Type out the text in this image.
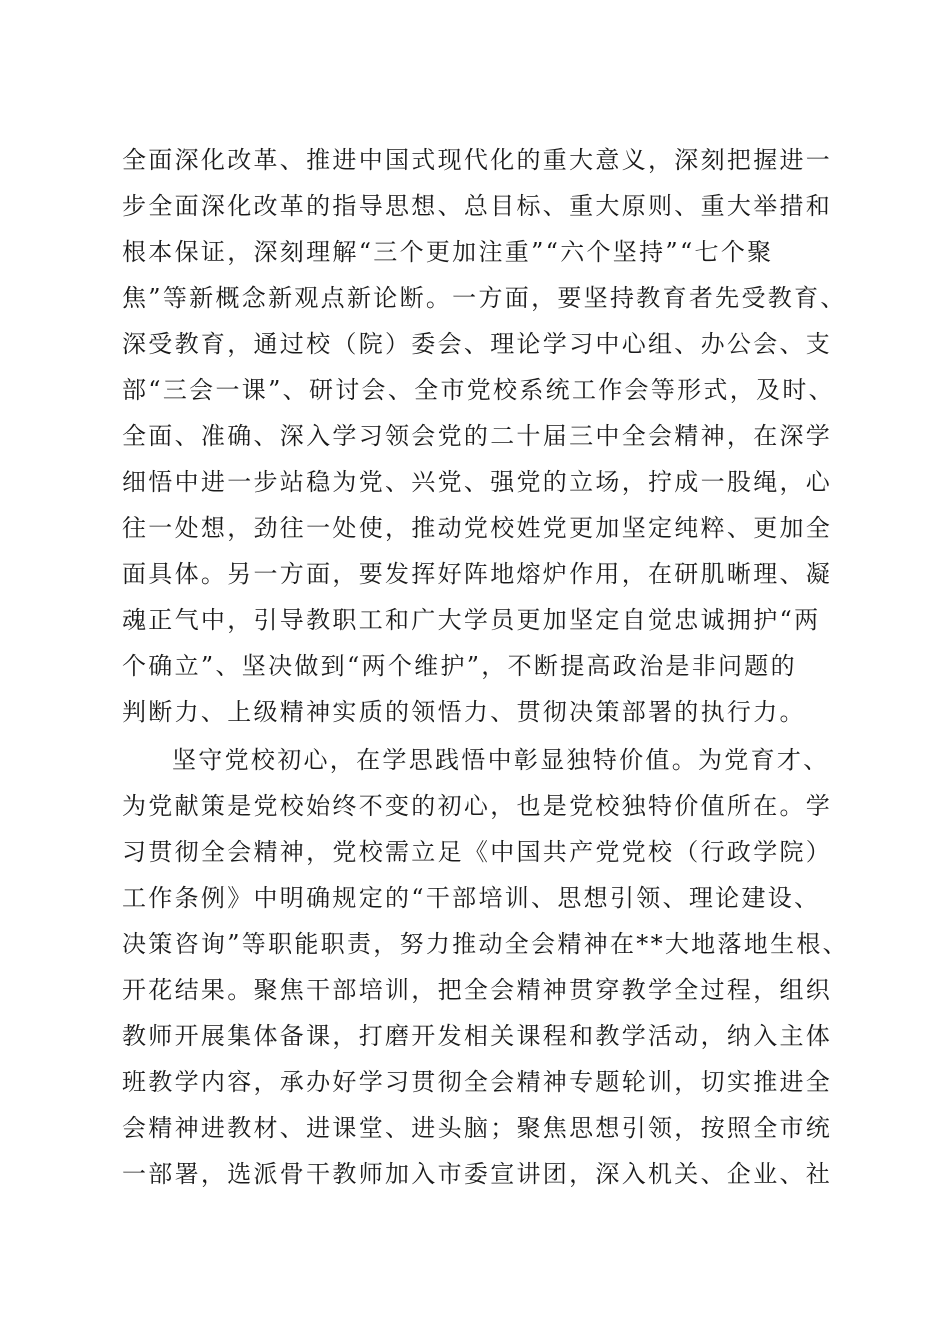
全面深化改革、推进中国式现代化的重大意义，深刻把握进一
步全面深化改革的指导思想、总目标、重大原则、重大举措和
根本保证，深刻理解“三个更加注重”“六个坚持”“七个聚
焦”等新概念新观点新论断。一方面，要坚持教育者先受教育、
深受教育，通过校（院）委会、理论学习中心组、办公会、支
部“三会一课”、研讨会、全市党校系统工作会等形式，及时、
全面、准确、深入学习领会党的二十届三中全会精神，在深学
细悟中进一步站稳为党、兴党、强党的立场，拧成一股绳，心
往一处想，劲往一处使，推动党校姓党更加坚定纯粹、更加全
面具体。另一方面，要发挥好阵地熔炉作用，在研肌晰理、凝
魂正气中，引导教职工和广大学员更加坚定自觉忠诚拥护“两
个确立”、坚决做到“两个维护”，不断提高政治是非问题的
判断力、上级精神实质的领悟力、贯彻决策部署的执行力。
坚守党校初心，在学思践悟中彰显独特价值。为党育才、
为党献策是党校始终不变的初心，也是党校独特价值所在。学
习贯彻全会精神，党校需立足《中国共产党党校（行政学院）
工作条例》中明确规定的“干部培训、思想引领、理论建设、
决策咨询”等职能职责，努力推动全会精神在**大地落地生根、
开花结果。聚焦干部培训，把全会精神贯穿教学全过程，组织
教师开展集体备课，打磨开发相关课程和教学活动，纳入主体
班教学内容，承办好学习贯彻全会精神专题轮训，切实推进全
会精神进教材、进课堂、进头脑；聚焦思想引领，按照全市统
一部署，选派骨干教师加入市委宣讲团，深入机关、企业、社
